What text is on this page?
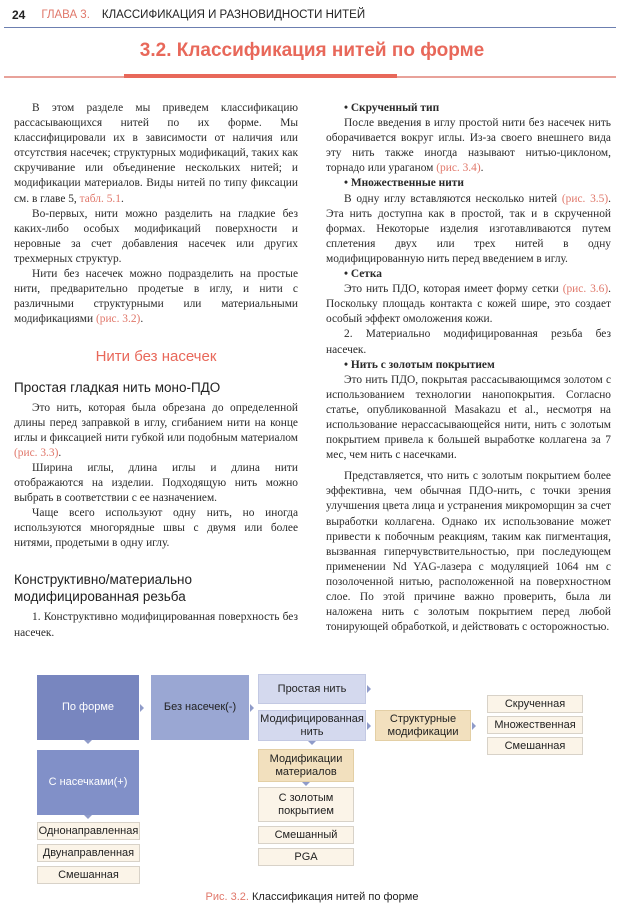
24 ГЛАВА 3. КЛАССИФИКАЦИЯ И РАЗНОВИДНОСТИ НИТЕЙ
3.2. Классификация нитей по форме

В этом разделе мы приведем классификацию рассасывающихся нитей по их форме. Мы классифицировали их в зависимости от наличия или отсутствия насечек; структурных модификаций, таких как скручивание или объединение нескольких нитей; и модификации материалов. Виды нитей по типу фиксации см. в главе 5, табл. 5.1.

Во-первых, нити можно разделить на гладкие без каких-либо особых модификаций поверхности и неровные за счет добавления насечек или других трехмерных структур.

Нити без насечек можно подразделить на простые нити, предварительно продетые в иглу, и нити с различными структурными или материальными модификациями (рис. 3.2).

Нити без насечек

Простая гладкая нить моно-ПДО

Это нить, которая была обрезана до определенной длины перед заправкой в иглу, сгибанием нити на конце иглы и фиксацией нити губкой или подобным материалом (рис. 3.3).

Ширина иглы, длина иглы и длина нити отображаются на изделии. Подходящую нить можно выбрать в соответствии с ее назначением.

Чаще всего используют одну нить, но иногда используются многорядные швы с двумя или более нитями, продетыми в одну иглу.

Конструктивно/материально модифицированная резьба

1. Конструктивно модифицированная поверхность без насечек.

• Скрученный тип

После введения в иглу простой нити без насечек нить оборачивается вокруг иглы. Из-за своего внешнего вида эту нить также иногда называют нитью-циклоном, торнадо или ураганом (рис. 3.4).

• Множественные нити

В одну иглу вставляются несколько нитей (рис. 3.5). Эта нить доступна как в простой, так и в скрученной формах. Некоторые изделия изготавливаются путем сплетения двух или трех нитей в одну модифицированную нить перед введением в иглу.

• Сетка

Это нить ПДО, которая имеет форму сетки (рис. 3.6). Поскольку площадь контакта с кожей шире, это создает особый эффект омоложения кожи.

2. Материально модифицированная резьба без насечек.

• Нить с золотым покрытием

Это нить ПДО, покрытая рассасывающимся золотом с использованием технологии нанопокрытия. Согласно статье, опубликованной Masakazu et al., несмотря на использование нерассасывающейся нити, нить с золотым покрытием привела к большей выработке коллагена за 7 мес, чем нить с насечками.

Представляется, что нить с золотым покрытием более эффективна, чем обычная ПДО-нить, с точки зрения улучшения цвета лица и устранения микроморщин за счет выработки коллагена. Однако их использование может привести к побочным реакциям, таким как пигментация, вызванная гиперчувствительностью, при последующем применении Nd YAG-лазера с модуляцией 1064 нм с позолоченной нитью, расположенной на поверхностном слое. По этой причине важно проверить, была ли наложена нить с золотым покрытием перед любой тонирующей обработкой, и действовать с осторожностью.

По форме	Без насечек(-)
Простая нить
Модифицированная нить
Структурные модификации
Скрученная
Множественная
Смешанная
Модификации материалов
С золотым покрытием
Смешанный
PGA
С насечками(+)
Однонаправленная
Двунаправленная
Смешанная
Рис. 3.2. Классификация нитей по форме
